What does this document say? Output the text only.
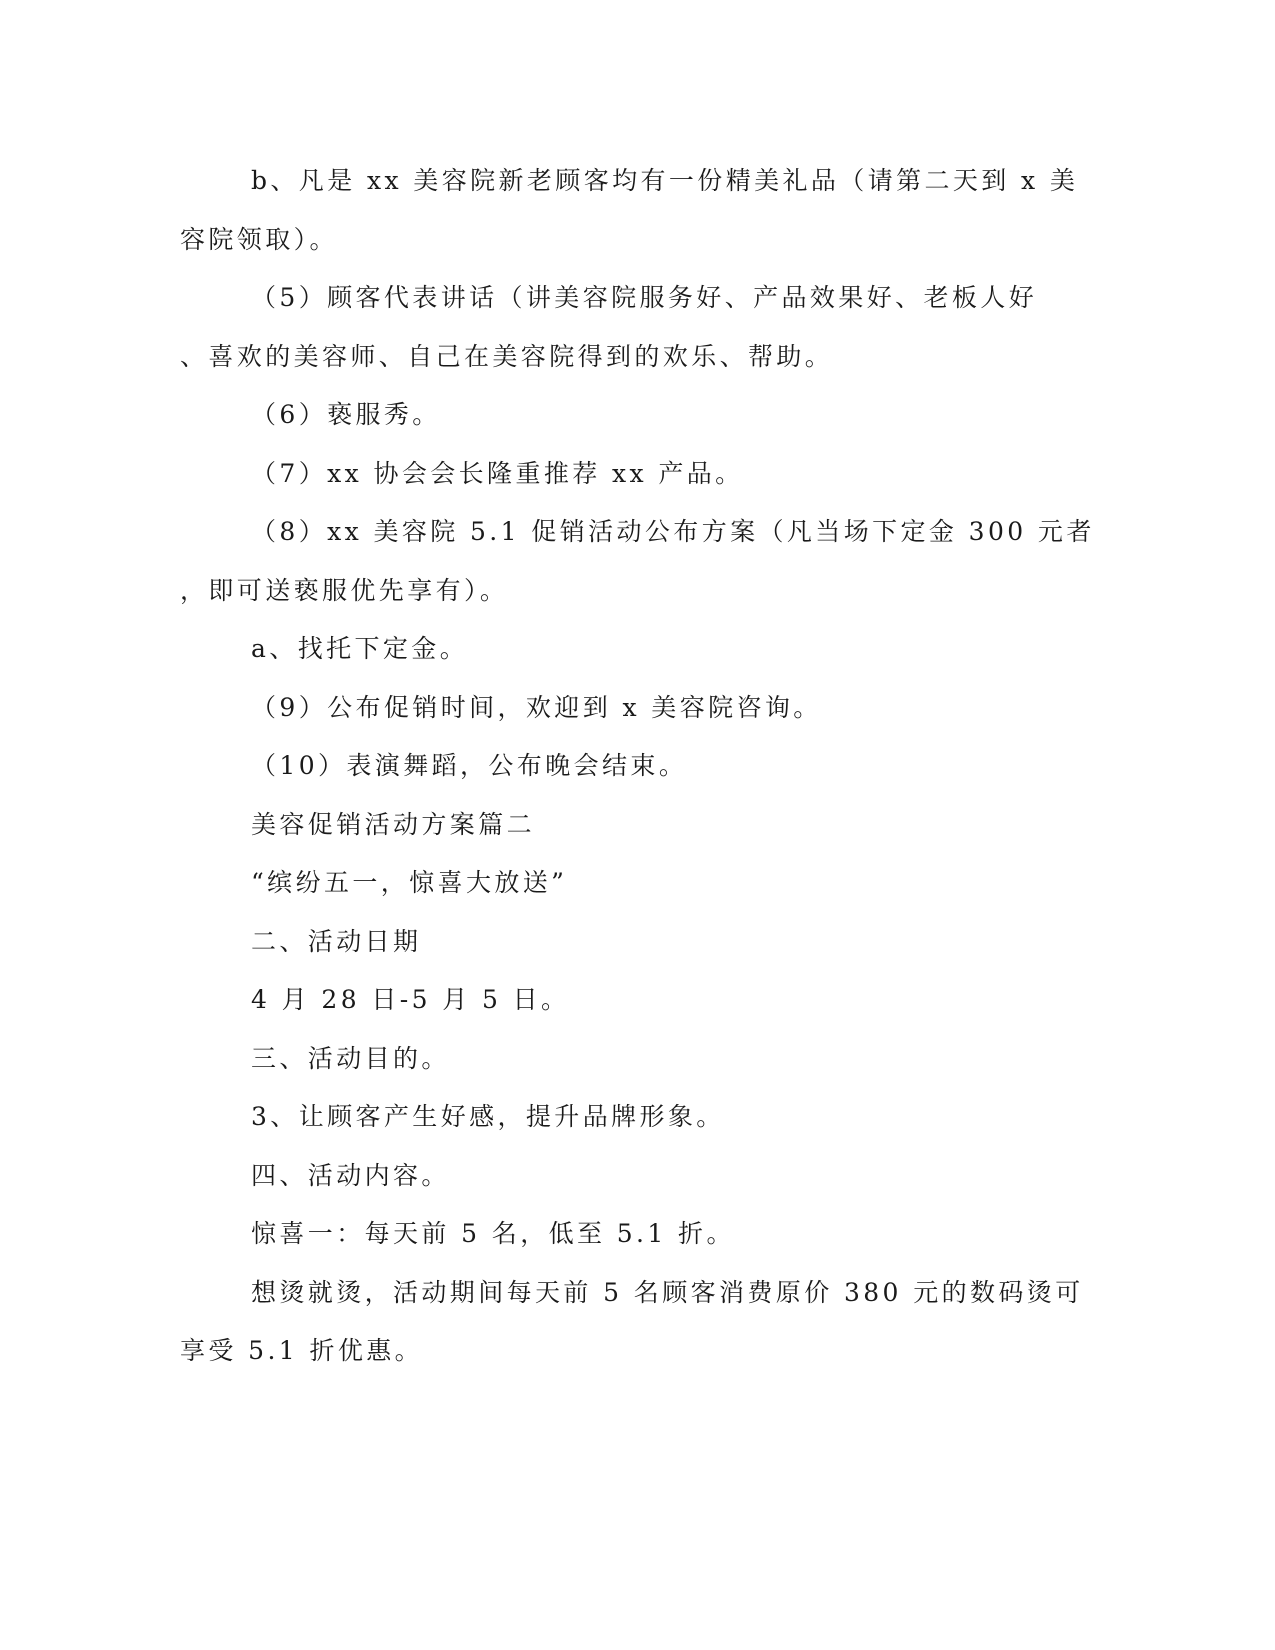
b、凡是 xx 美容院新老顾客均有一份精美礼品（请第二天到 x 美
容院领取）。
（5）顾客代表讲话（讲美容院服务好、产品效果好、老板人好
、喜欢的美容师、自己在美容院得到的欢乐、帮助。
（6）亵服秀。
（7）xx 协会会长隆重推荐 xx 产品。
（8）xx 美容院 5.1 促销活动公布方案（凡当场下定金 300 元者
，即可送亵服优先享有）。
a、找托下定金。
（9）公布促销时间，欢迎到 x 美容院咨询。
（10）表演舞蹈，公布晚会结束。
美容促销活动方案篇二
“缤纷五一，惊喜大放送”
二、活动日期
4 月 28 日-5 月 5 日。
三、活动目的。
3、让顾客产生好感，提升品牌形象。
四、活动内容。
惊喜一：每天前 5 名，低至 5.1 折。
想烫就烫，活动期间每天前 5 名顾客消费原价 380 元的数码烫可
享受 5.1 折优惠。
